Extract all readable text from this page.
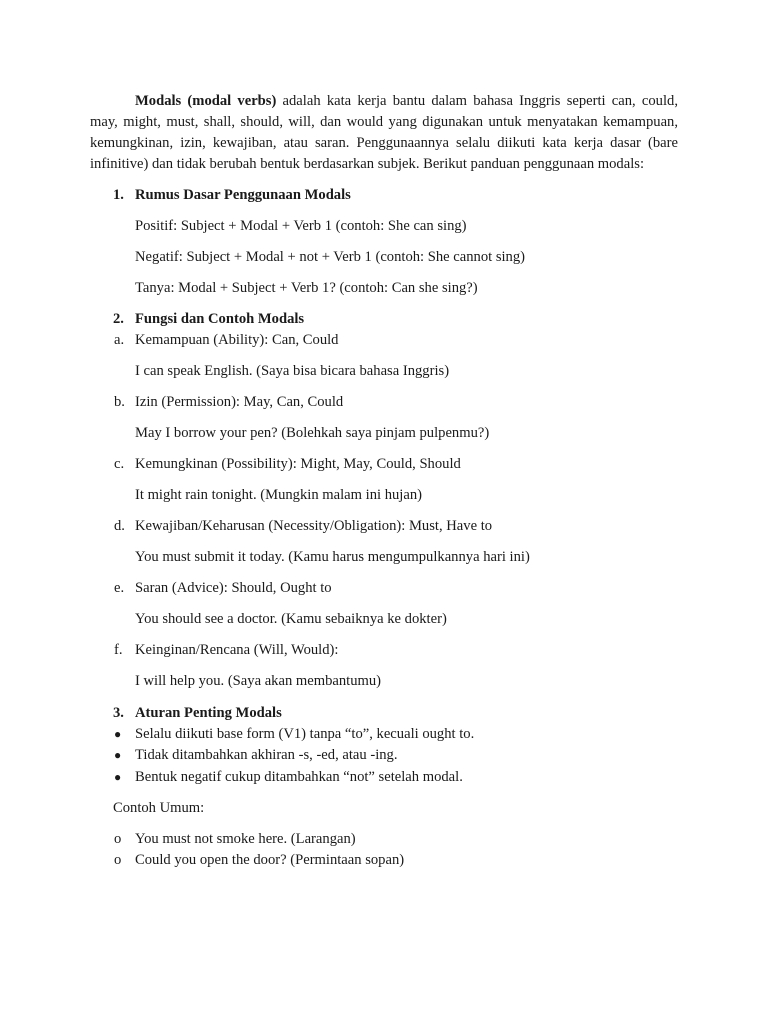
Modals (modal verbs) adalah kata kerja bantu dalam bahasa Inggris seperti can, could, may, might, must, shall, should, will, dan would yang digunakan untuk menyatakan kemampuan, kemungkinan, izin, kewajiban, atau saran. Penggunaannya selalu diikuti kata kerja dasar (bare infinitive) dan tidak berubah bentuk berdasarkan subjek. Berikut panduan penggunaan modals:

1. Rumus Dasar Penggunaan Modals
Positif: Subject + Modal + Verb 1 (contoh: She can sing)
Negatif: Subject + Modal + not + Verb 1 (contoh: She cannot sing)
Tanya: Modal + Subject + Verb 1? (contoh: Can she sing?)
2. Fungsi dan Contoh Modals
a. Kemampuan (Ability): Can, Could
I can speak English. (Saya bisa bicara bahasa Inggris)
b. Izin (Permission): May, Can, Could
May I borrow your pen? (Bolehkah saya pinjam pulpenmu?)
c. Kemungkinan (Possibility): Might, May, Could, Should
It might rain tonight. (Mungkin malam ini hujan)
d. Kewajiban/Keharusan (Necessity/Obligation): Must, Have to
You must submit it today. (Kamu harus mengumpulkannya hari ini)
e. Saran (Advice): Should, Ought to
You should see a doctor. (Kamu sebaiknya ke dokter)
f. Keinginan/Rencana (Will, Would):
I will help you. (Saya akan membantumu)
3. Aturan Penting Modals
● Selalu diikuti base form (V1) tanpa “to”, kecuali ought to.
● Tidak ditambahkan akhiran -s, -ed, atau -ing.
● Bentuk negatif cukup ditambahkan “not” setelah modal.
Contoh Umum:
o You must not smoke here. (Larangan)
o Could you open the door? (Permintaan sopan)
